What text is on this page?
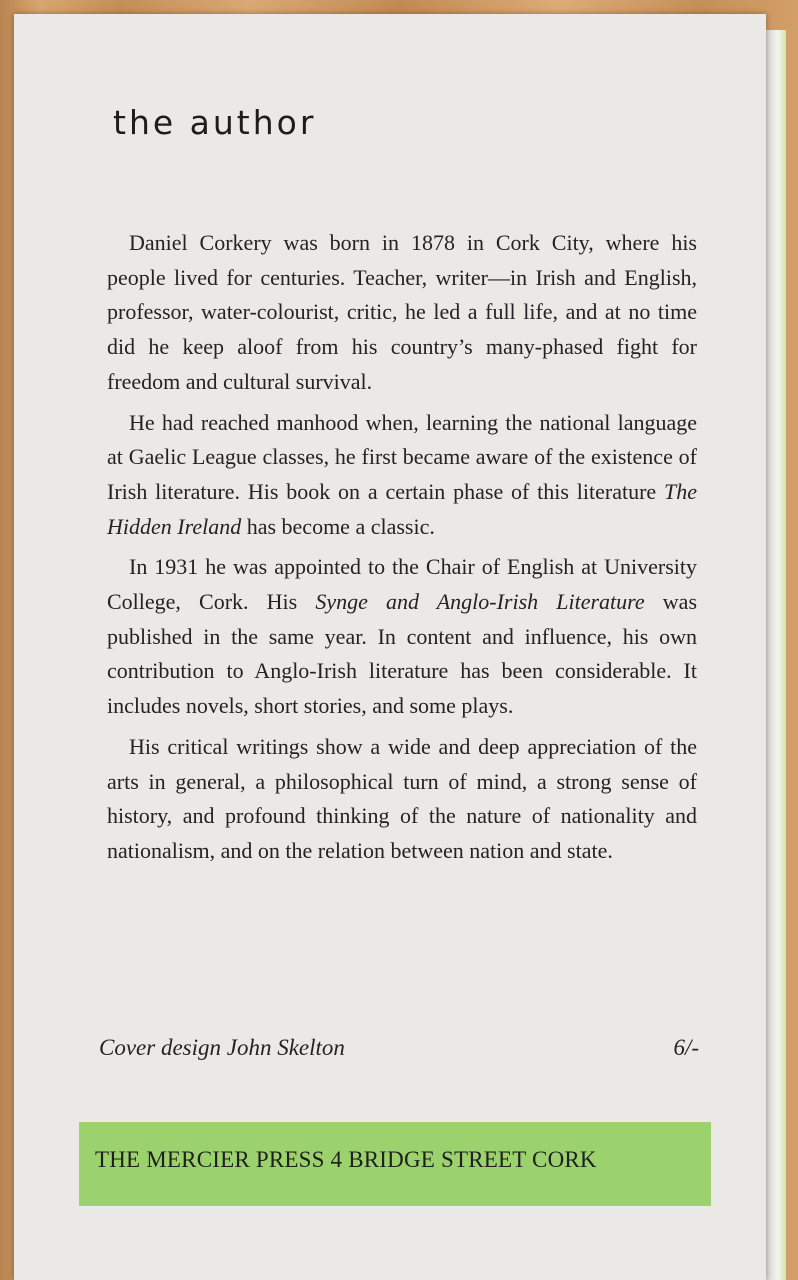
the author

Daniel Corkery was born in 1878 in Cork City, where his people lived for centuries. Teacher, writer—in Irish and English, professor, water-colourist, critic, he led a full life, and at no time did he keep aloof from his country’s many-phased fight for freedom and cultural survival.

He had reached manhood when, learning the national language at Gaelic League classes, he first became aware of the existence of Irish literature. His book on a certain phase of this literature The Hidden Ireland has become a classic.

In 1931 he was appointed to the Chair of English at University College, Cork. His Synge and Anglo-Irish Literature was published in the same year. In content and influence, his own contribution to Anglo-Irish literature has been considerable. It includes novels, short stories, and some plays.

His critical writings show a wide and deep appreciation of the arts in general, a philosophical turn of mind, a strong sense of history, and profound thinking of the nature of nationality and nationalism, and on the relation between nation and state.

Cover design John Skelton	6/-
THE MERCIER PRESS 4 BRIDGE STREET CORK
